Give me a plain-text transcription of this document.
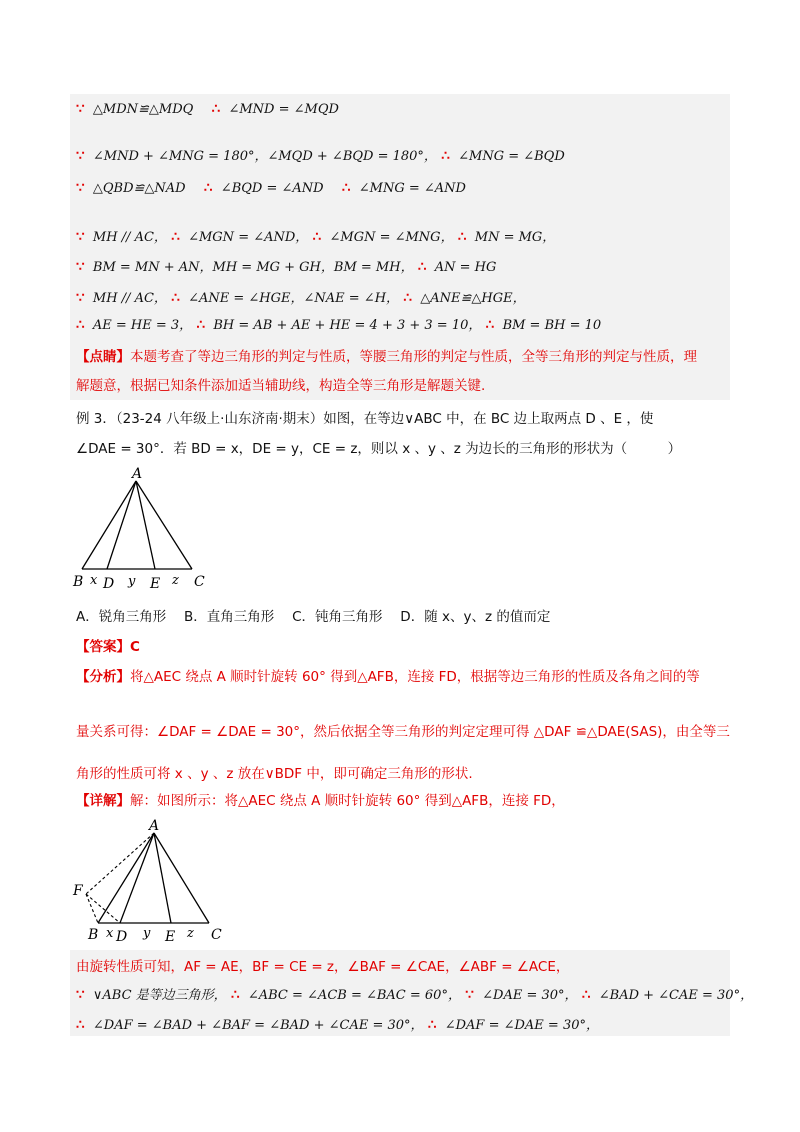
∵ △MDN≌△MDQ ∴ ∠MND = ∠MQD
∵ ∠MND + ∠MNG = 180°，∠MQD + ∠BQD = 180°， ∴ ∠MNG = ∠BQD
∵ △QBD≌△NAD ∴ ∠BQD = ∠AND ∴ ∠MNG = ∠AND
∵ MH // AC， ∴ ∠MGN = ∠AND， ∴ ∠MGN = ∠MNG， ∴ MN = MG，
∵ BM = MN + AN，MH = MG + GH，BM = MH， ∴ AN = HG
∵ MH // AC， ∴ ∠ANE = ∠HGE，∠NAE = ∠H， ∴ △ANE≌△HGE，
∴ AE = HE = 3， ∴ BH = AB + AE + HE = 4 + 3 + 3 = 10， ∴ BM = BH = 10
【点睛】本题考查了等边三角形的判定与性质，等腰三角形的判定与性质，全等三角形的判定与性质，理
解题意，根据已知条件添加适当辅助线，构造全等三角形是解题关键.
例 3．（23-24 八年级上·山东济南·期末）如图，在等边∨ABC 中，在 BC 边上取两点 D 、E ，使
∠DAE = 30°．若 BD = x，DE = y，CE = z，则以 x 、y 、z 为边长的三角形的形状为（　　　）
A
B x D y E z C
A．锐角三角形　 B．直角三角形　 C．钝角三角形　 D．随 x、y、z 的值而定
【答案】C
【分析】将△AEC 绕点 A 顺时针旋转 60° 得到△AFB，连接 FD，根据等边三角形的性质及各角之间的等
量关系可得：∠DAF = ∠DAE = 30°，然后依据全等三角形的判定定理可得 △DAF ≌△DAE(SAS)，由全等三
角形的性质可将 x 、y 、z 放在∨BDF 中，即可确定三角形的形状.
【详解】解：如图所示：将△AEC 绕点 A 顺时针旋转 60° 得到△AFB，连接 FD，
A
F
B x D y E z C
由旋转性质可知，AF = AE，BF = CE = z，∠BAF = ∠CAE，∠ABF = ∠ACE，
∵ ∨ABC 是等边三角形， ∴ ∠ABC = ∠ACB = ∠BAC = 60°， ∵ ∠DAE = 30°， ∴ ∠BAD + ∠CAE = 30°，
∴ ∠DAF = ∠BAD + ∠BAF = ∠BAD + ∠CAE = 30°， ∴ ∠DAF = ∠DAE = 30°，
